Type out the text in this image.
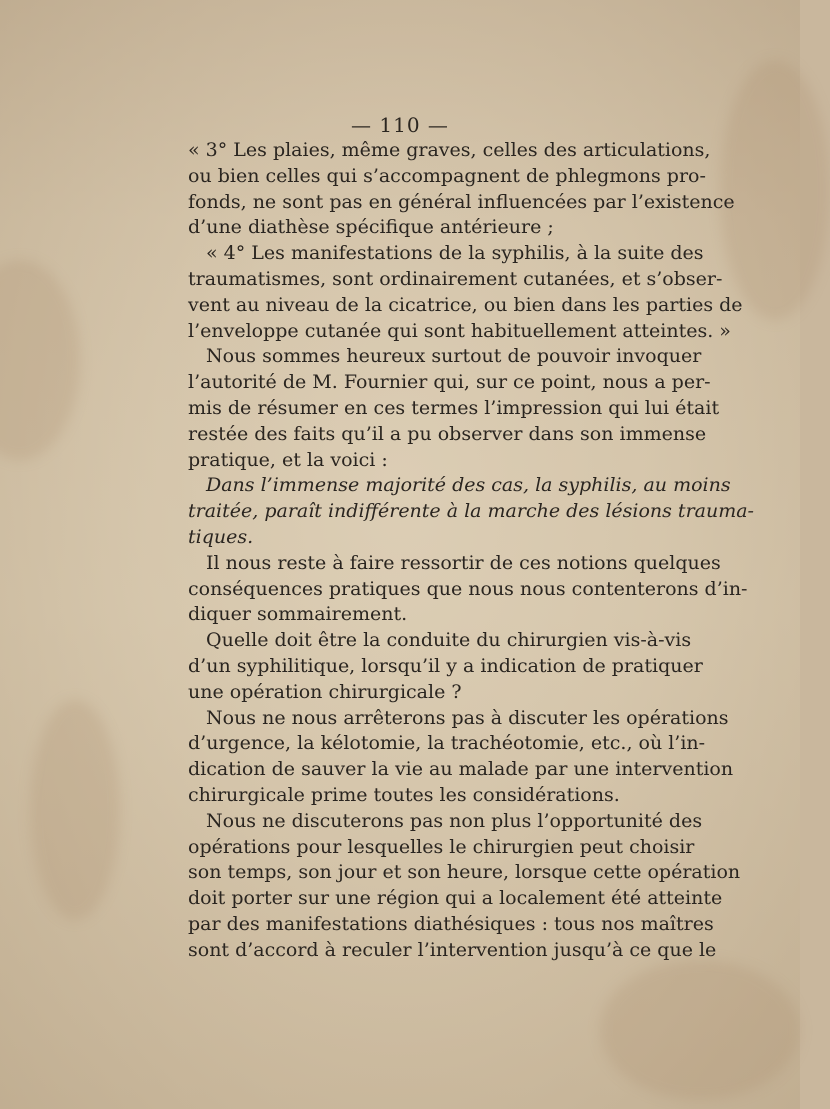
— 110 —
« 3° Les plaies, même graves, celles des articulations,
ou bien celles qui s’accompagnent de phlegmons pro-
fonds, ne sont pas en général influencées par l’existence
d’une diathèse spécifique antérieure ;
« 4° Les manifestations de la syphilis, à la suite des
traumatismes, sont ordinairement cutanées, et s’obser-
vent au niveau de la cicatrice, ou bien dans les parties de
l’enveloppe cutanée qui sont habituellement atteintes. »
Nous sommes heureux surtout de pouvoir invoquer
l’autorité de M. Fournier qui, sur ce point, nous a per-
mis de résumer en ces termes l’impression qui lui était
restée des faits qu’il a pu observer dans son immense
pratique, et la voici :
Dans l’immense majorité des cas, la syphilis, au moins
traitée, paraît indifférente à la marche des lésions trauma-
tiques.
Il nous reste à faire ressortir de ces notions quelques
conséquences pratiques que nous nous contenterons d’in-
diquer sommairement.
Quelle doit être la conduite du chirurgien vis-à-vis
d’un syphilitique, lorsqu’il y a indication de pratiquer
une opération chirurgicale ?
Nous ne nous arrêterons pas à discuter les opérations
d’urgence, la kélotomie, la trachéotomie, etc., où l’in-
dication de sauver la vie au malade par une intervention
chirurgicale prime toutes les considérations.
Nous ne discuterons pas non plus l’opportunité des
opérations pour lesquelles le chirurgien peut choisir
son temps, son jour et son heure, lorsque cette opération
doit porter sur une région qui a localement été atteinte
par des manifestations diathésiques : tous nos maîtres
sont d’accord à reculer l’intervention jusqu’à ce que le
